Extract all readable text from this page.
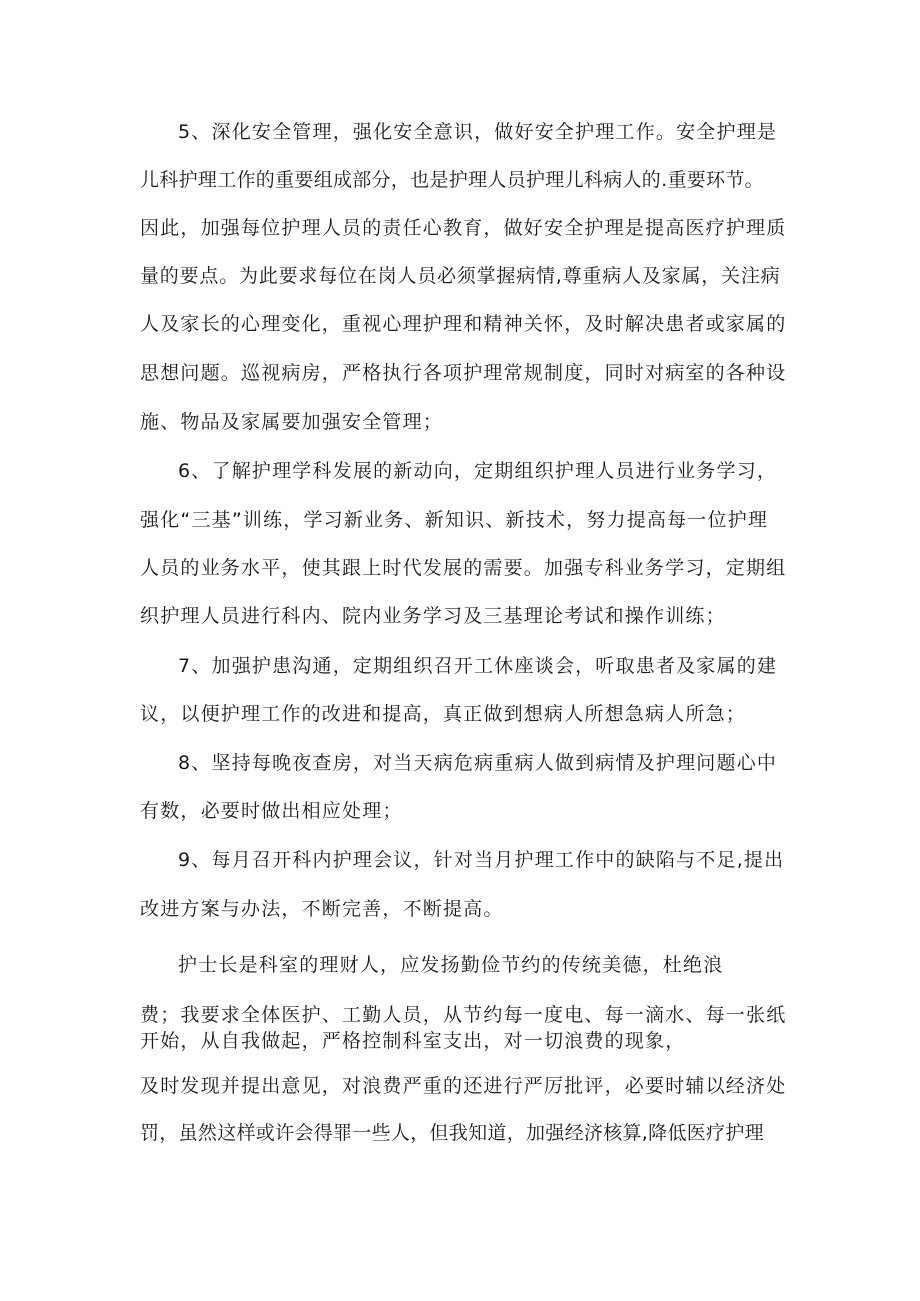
5、深化安全管理，强化安全意识，做好安全护理工作。安全护理是
儿科护理工作的重要组成部分，也是护理人员护理儿科病人的.重要环节。
因此，加强每位护理人员的责任心教育，做好安全护理是提高医疗护理质
量的要点。为此要求每位在岗人员必须掌握病情,尊重病人及家属，关注病
人及家长的心理变化，重视心理护理和精神关怀，及时解决患者或家属的
思想问题。巡视病房，严格执行各项护理常规制度，同时对病室的各种设
施、物品及家属要加强安全管理；
6、了解护理学科发展的新动向，定期组织护理人员进行业务学习，
强化“三基”训练，学习新业务、新知识、新技术，努力提高每一位护理
人员的业务水平，使其跟上时代发展的需要。加强专科业务学习，定期组
织护理人员进行科内、院内业务学习及三基理论考试和操作训练；
7、加强护患沟通，定期组织召开工休座谈会，听取患者及家属的建
议，以便护理工作的改进和提高，真正做到想病人所想急病人所急；
8、坚持每晚夜查房，对当天病危病重病人做到病情及护理问题心中
有数，必要时做出相应处理；
9、每月召开科内护理会议，针对当月护理工作中的缺陷与不足,提出
改进方案与办法，不断完善，不断提高。
护士长是科室的理财人，应发扬勤俭节约的传统美德，杜绝浪
费；我要求全体医护、工勤人员，从节约每一度电、每一滴水、每一张纸
开始，从自我做起，严格控制科室支出，对一切浪费的现象，
及时发现并提出意见，对浪费严重的还进行严厉批评，必要时辅以经济处
罚，虽然这样或许会得罪一些人，但我知道，加强经济核算,降低医疗护理
